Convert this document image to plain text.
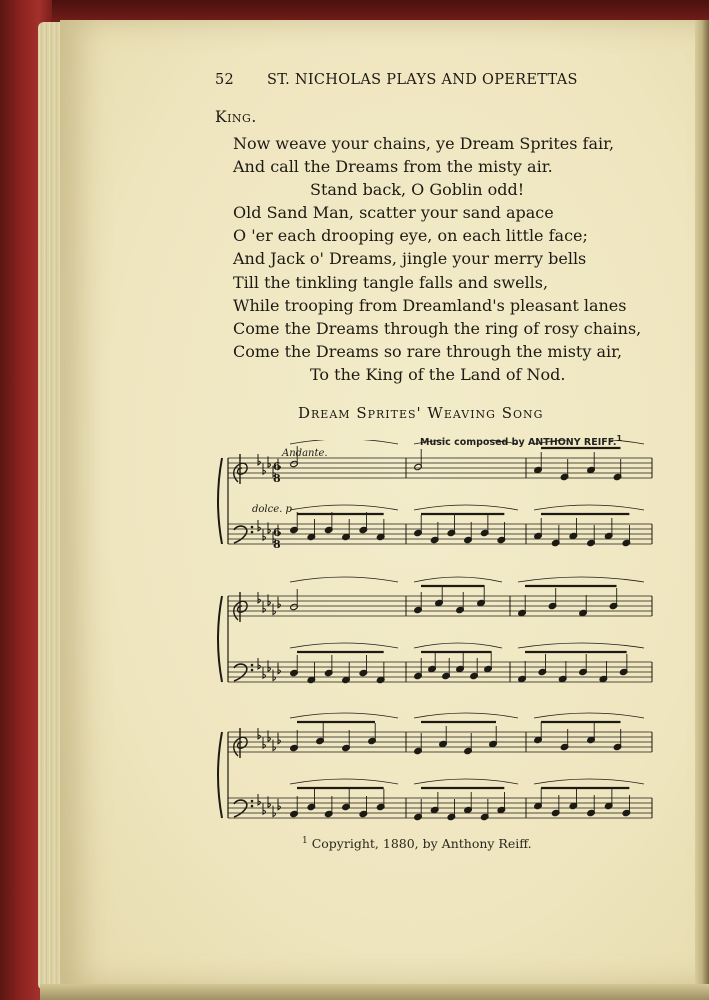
52 ST. NICHOLAS PLAYS AND OPERETTAS
King.
Now weave your chains, ye Dream Sprites fair,
And call the Dreams from the misty air.
Stand back, O Goblin odd!
Old Sand Man, scatter your sand apace
O 'er each drooping eye, on each little face;
And Jack o' Dreams, jingle your merry bells
Till the tinkling tangle falls and swells,
While trooping from Dreamland's pleasant lanes
Come the Dreams through the ring of rosy chains,
Come the Dreams so rare through the misty air,
To the King of the Land of Nod.
Dream Sprites' Weaving Song
Music composed by ANTHONY REIFF.$^1$
Andante.
dolce. p
6
8
6
8
$^1$ Copyright, 1880, by Anthony Reiff.
